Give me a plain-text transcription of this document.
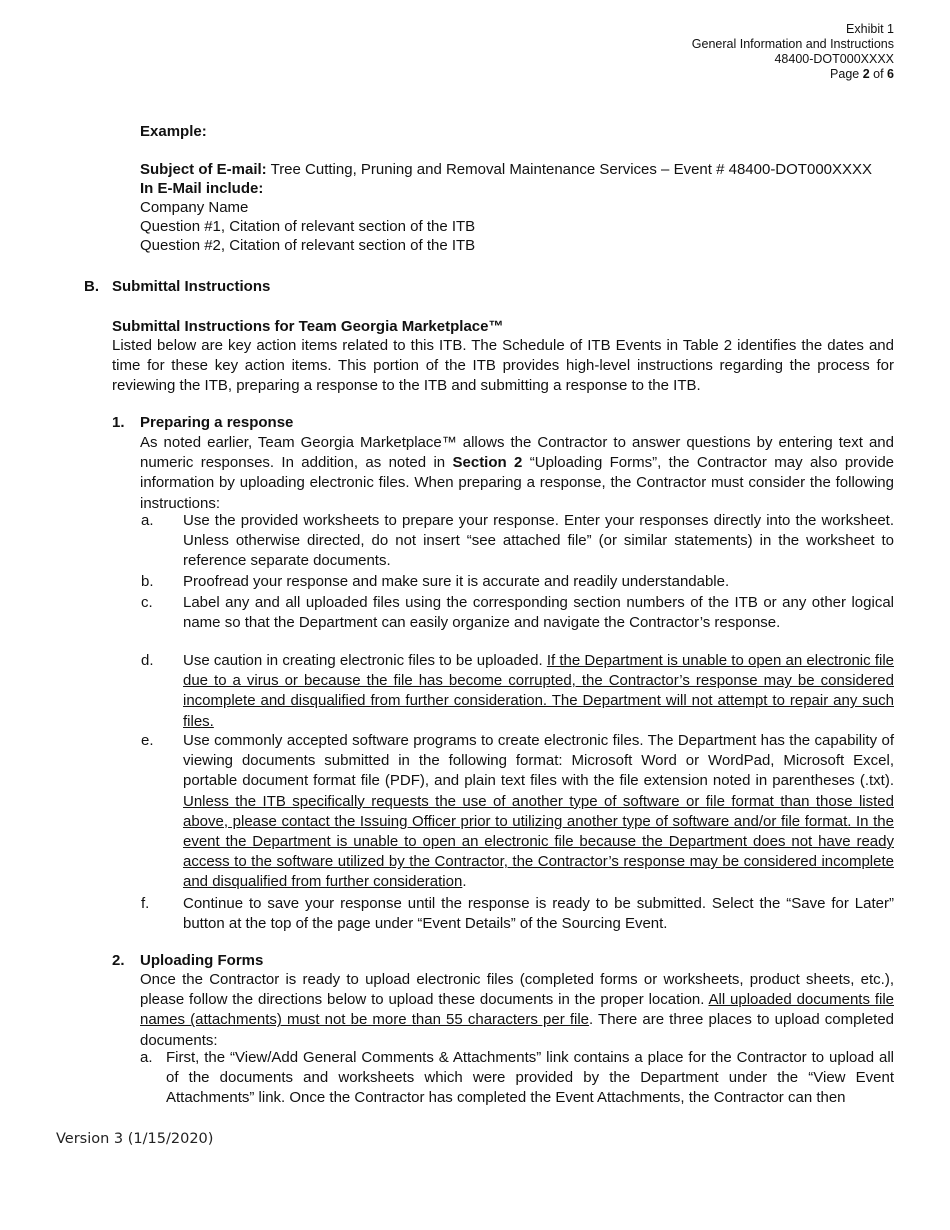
Exhibit 1
General Information and Instructions
48400-DOT000XXXX
Page 2 of 6
Example:
Subject of E-mail: Tree Cutting, Pruning and Removal Maintenance Services – Event # 48400-DOT000XXXX
In E-Mail include:
Company Name
Question #1, Citation of relevant section of the ITB
Question #2, Citation of relevant section of the ITB
B. Submittal Instructions
Submittal Instructions for Team Georgia Marketplace™
Listed below are key action items related to this ITB. The Schedule of ITB Events in Table 2 identifies the dates and time for these key action items. This portion of the ITB provides high-level instructions regarding the process for reviewing the ITB, preparing a response to the ITB and submitting a response to the ITB.
1. Preparing a response
As noted earlier, Team Georgia Marketplace™ allows the Contractor to answer questions by entering text and numeric responses. In addition, as noted in Section 2 “Uploading Forms”, the Contractor may also provide information by uploading electronic files. When preparing a response, the Contractor must consider the following instructions:
a. Use the provided worksheets to prepare your response. Enter your responses directly into the worksheet. Unless otherwise directed, do not insert “see attached file” (or similar statements) in the worksheet to reference separate documents.
b. Proofread your response and make sure it is accurate and readily understandable.
c. Label any and all uploaded files using the corresponding section numbers of the ITB or any other logical name so that the Department can easily organize and navigate the Contractor’s response.
d. Use caution in creating electronic files to be uploaded. If the Department is unable to open an electronic file due to a virus or because the file has become corrupted, the Contractor’s response may be considered incomplete and disqualified from further consideration. The Department will not attempt to repair any such files.
e. Use commonly accepted software programs to create electronic files. The Department has the capability of viewing documents submitted in the following format: Microsoft Word or WordPad, Microsoft Excel, portable document format file (PDF), and plain text files with the file extension noted in parentheses (.txt). Unless the ITB specifically requests the use of another type of software or file format than those listed above, please contact the Issuing Officer prior to utilizing another type of software and/or file format. In the event the Department is unable to open an electronic file because the Department does not have ready access to the software utilized by the Contractor, the Contractor’s response may be considered incomplete and disqualified from further consideration.
f. Continue to save your response until the response is ready to be submitted. Select the “Save for Later” button at the top of the page under “Event Details” of the Sourcing Event.
2. Uploading Forms
Once the Contractor is ready to upload electronic files (completed forms or worksheets, product sheets, etc.), please follow the directions below to upload these documents in the proper location. All uploaded documents file names (attachments) must not be more than 55 characters per file. There are three places to upload completed documents:
a. First, the “View/Add General Comments & Attachments” link contains a place for the Contractor to upload all of the documents and worksheets which were provided by the Department under the “View Event Attachments” link. Once the Contractor has completed the Event Attachments, the Contractor can then
Version 3 (1/15/2020)
